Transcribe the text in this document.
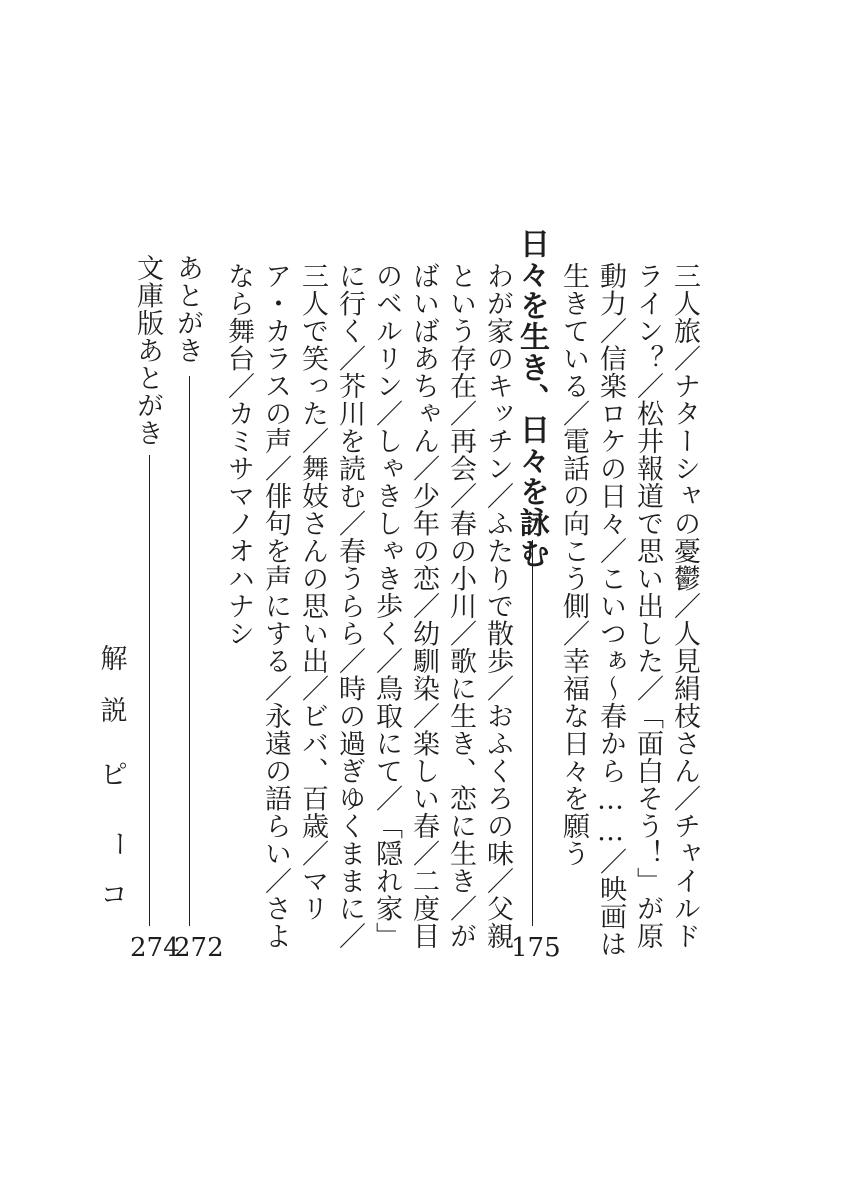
三人旅／ナターシャの憂鬱／人見絹枝さん／チャイルド
ライン？／松井報道で思い出した／「面白そう！」が原
動力／信楽ロケの日々／こいつぁ～春から……／映画は
生きている／電話の向こう側／幸福な日々を願う
日々を生き、日々を詠む
175
わが家のキッチン／ふたりで散歩／おふくろの味／父親
という存在／再会／春の小川／歌に生き、恋に生き／が
ばいばあちゃん／少年の恋／幼馴染／楽しい春／二度目
のベルリン／しゃきしゃき歩く／鳥取にて／「隠れ家」
に行く／芥川を読む／春うらら／時の過ぎゆくままに／
三人で笑った／舞妓さんの思い出／ビバ、百歳／マリ
ア・カラスの声／俳句を声にする／永遠の語らい／さよ
なら舞台／カミサマノオハナシ
あとがき
272
文庫版あとがき
274
解
説
ピ
ー
コ
